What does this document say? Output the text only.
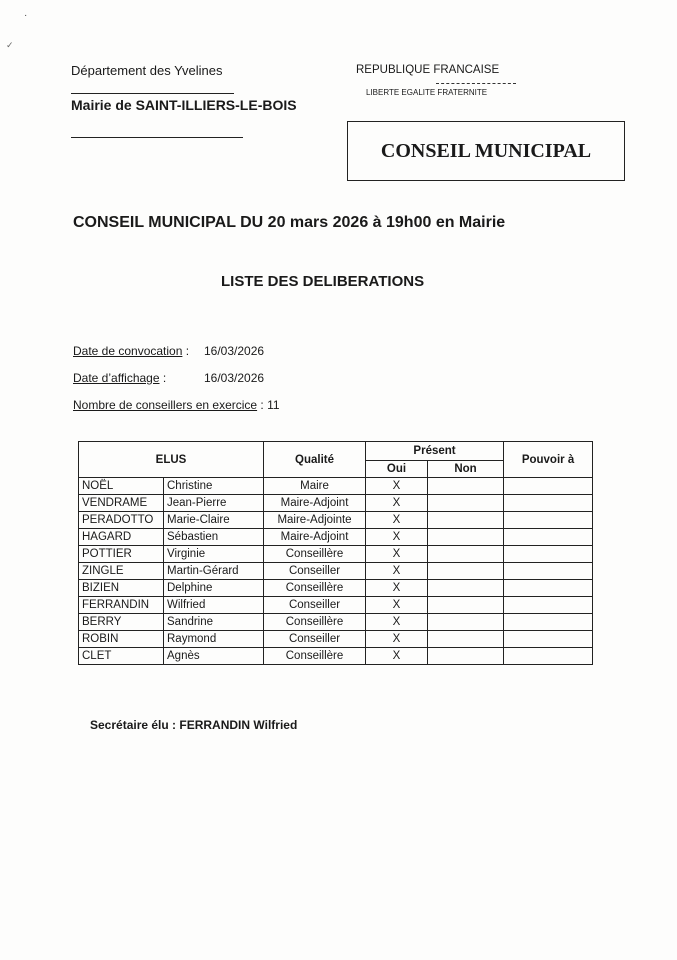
·
✓
Département des Yvelines
Mairie de SAINT-ILLIERS-LE-BOIS
REPUBLIQUE FRANCAISE
LIBERTE EGALITE FRATERNITE
CONSEIL MUNICIPAL
CONSEIL MUNICIPAL DU 20 mars 2026 à 19h00 en Mairie
LISTE DES DELIBERATIONS
Date de convocation : 16/03/2026
Date d’affichage :	16/03/2026
Nombre de conseillers en exercice : 11
ELUS		Qualité	Présent		Pouvoir à
			Oui	Non	
NOËL	Christine	Maire	X		
VENDRAME	Jean-Pierre	Maire-Adjoint	X		
PERADOTTO	Marie-Claire	Maire-Adjointe	X		
HAGARD	Sébastien	Maire-Adjoint	X		
POTTIER	Virginie	Conseillère	X		
ZINGLE	Martin-Gérard	Conseiller	X		
BIZIEN	Delphine	Conseillère	X		
FERRANDIN	Wilfried	Conseiller	X		
BERRY	Sandrine	Conseillère	X		
ROBIN	Raymond	Conseiller	X		
CLET	Agnès	Conseillère	X		
Secrétaire élu : FERRANDIN Wilfried
